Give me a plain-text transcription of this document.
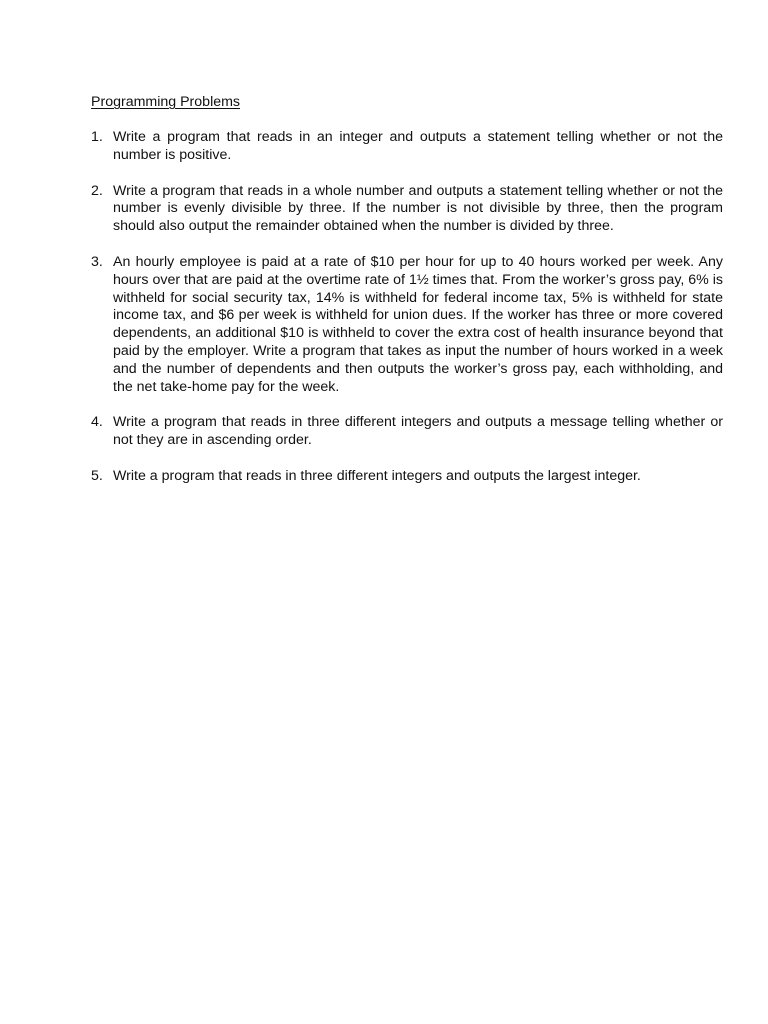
Programming Problems
1. Write a program that reads in an integer and outputs a statement telling whether or not the number is positive.
2. Write a program that reads in a whole number and outputs a statement telling whether or not the number is evenly divisible by three. If the number is not divisible by three, then the program should also output the remainder obtained when the number is divided by three.
3. An hourly employee is paid at a rate of $10 per hour for up to 40 hours worked per week. Any hours over that are paid at the overtime rate of 1½ times that. From the worker’s gross pay, 6% is withheld for social security tax, 14% is withheld for federal income tax, 5% is withheld for state income tax, and $6 per week is withheld for union dues. If the worker has three or more covered dependents, an additional $10 is withheld to cover the extra cost of health insurance beyond that paid by the employer. Write a program that takes as input the number of hours worked in a week and the number of dependents and then outputs the worker’s gross pay, each withholding, and the net take-home pay for the week.
4. Write a program that reads in three different integers and outputs a message telling whether or not they are in ascending order.
5. Write a program that reads in three different integers and outputs the largest integer.
